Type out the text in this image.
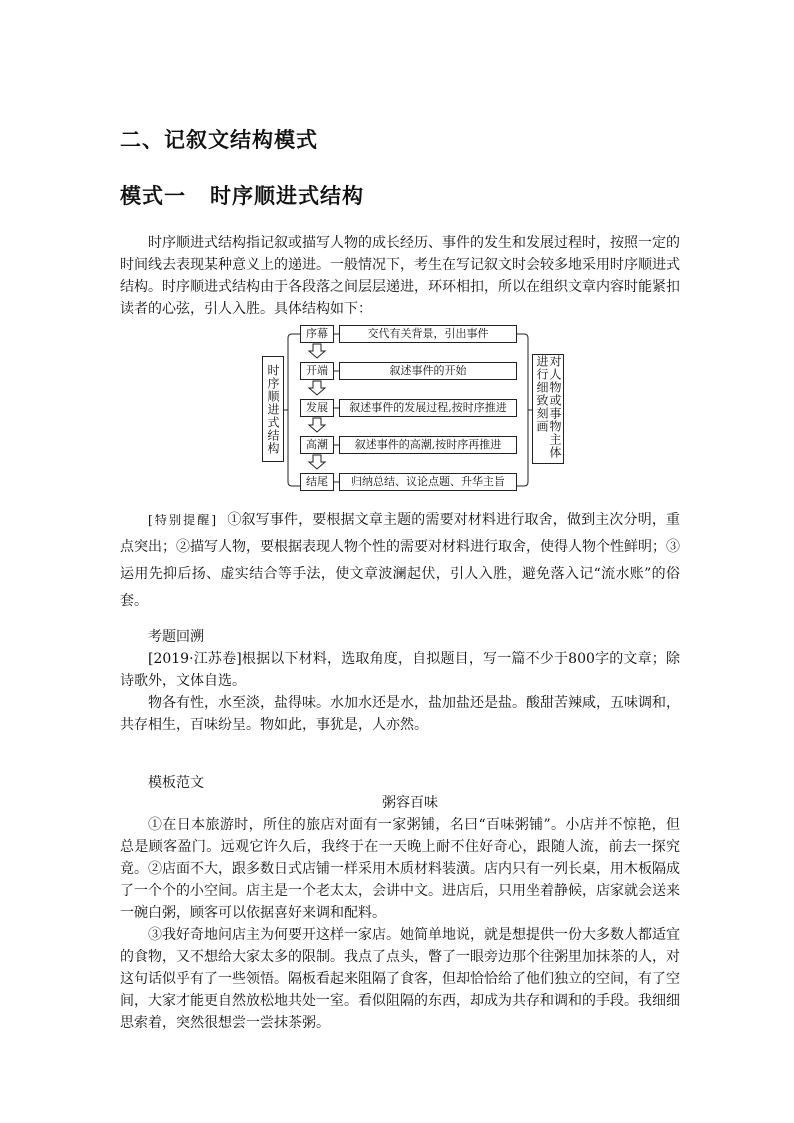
二、记叙文结构模式
模式一 时序顺进式结构

时序顺进式结构指记叙或描写人物的成长经历、事件的发生和发展过程时，按照一定的时间线去表现某种意义上的递进。一般情况下，考生在写记叙文时会较多地采用时序顺进式结构。时序顺进式结构由于各段落之间层层递进，环环相扣，所以在组织文章内容时能紧扣读者的心弦，引人入胜。具体结构如下：

时序顺进式结构	对人物或事物主体进行细致刻画
序幕	交代有关背景，引出事件
开端	叙述事件的开始
发展	叙述事件的发展过程,按时序推进
高潮	叙述事件的高潮,按时序再推进
结尾	归纳总结、议论点题、升华主旨

[特别提醒] ①叙写事件，要根据文章主题的需要对材料进行取舍，做到主次分明，重点突出；②描写人物，要根据表现人物个性的需要对材料进行取舍，使得人物个性鲜明；③运用先抑后扬、虚实结合等手法，使文章波澜起伏，引人入胜，避免落入记“流水账”的俗套。

考题回溯

[2019·江苏卷]根据以下材料，选取角度，自拟题目，写一篇不少于800字的文章；除诗歌外，文体自选。

物各有性，水至淡，盐得味。水加水还是水，盐加盐还是盐。酸甜苦辣咸，五味调和，共存相生，百味纷呈。物如此，事犹是，人亦然。

模板范文
粥容百味

①在日本旅游时，所住的旅店对面有一家粥铺，名曰“百味粥铺”。小店并不惊艳，但总是顾客盈门。远观它许久后，我终于在一天晚上耐不住好奇心，跟随人流，前去一探究竟。 ②店面不大，跟多数日式店铺一样采用木质材料装潢。店内只有一列长桌，用木板隔成了一个个的小空间。店主是一个老太太，会讲中文。进店后，只用坐着静候，店家就会送来一碗白粥，顾客可以依据喜好来调和配料。

③我好奇地问店主为何要开这样一家店。她简单地说，就是想提供一份大多数人都适宜的食物，又不想给大家太多的限制。我点了点头，瞥了一眼旁边那个往粥里加抹茶的人，对这句话似乎有了一些领悟。隔板看起来阻隔了食客，但却恰恰给了他们独立的空间，有了空间，大家才能更自然放松地共处一室。看似阻隔的东西，却成为共存和调和的手段。我细细思索着，突然很想尝一尝抹茶粥。
